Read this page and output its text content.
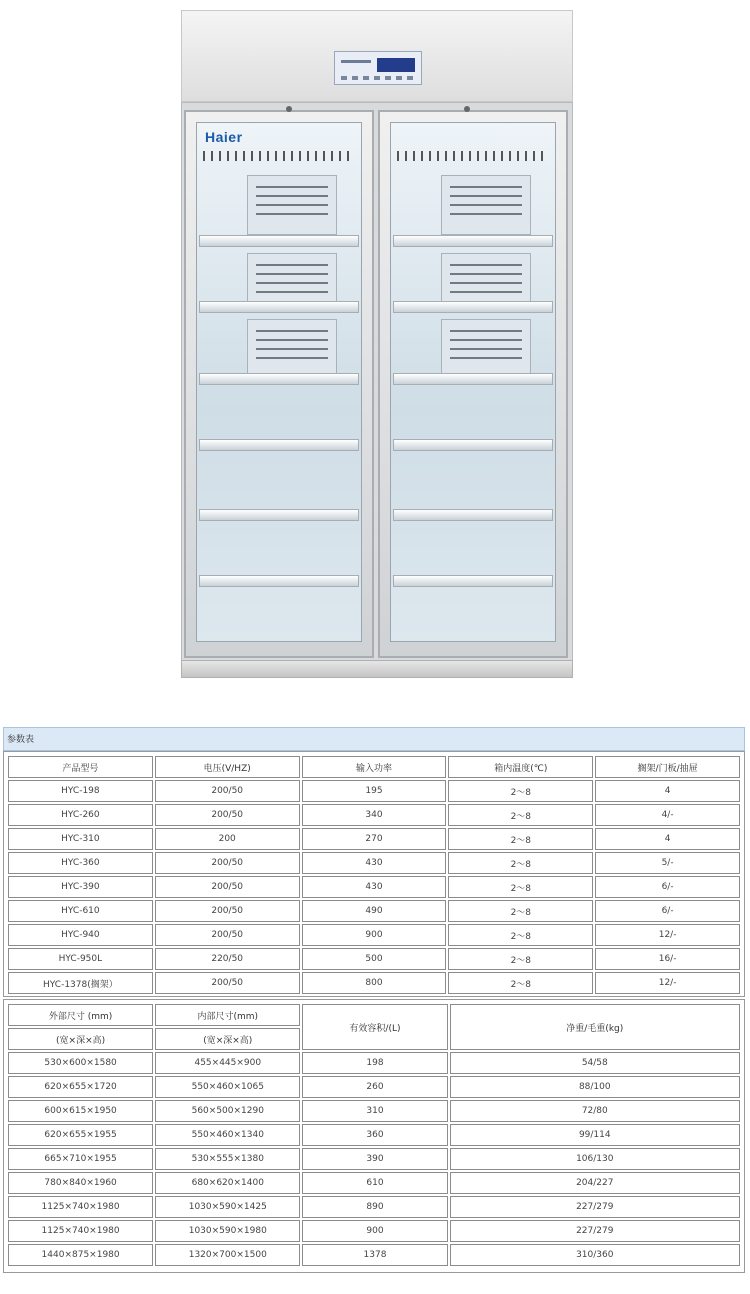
Haier
参数表
产品型号	电压(V/HZ)	输入功率	箱内温度(℃)	搁架/门板/抽屉
HYC-198	200/50	195	2～8	4
HYC-260	200/50	340	2～8	4/-
HYC-310	200	270	2～8	4
HYC-360	200/50	430	2～8	5/-
HYC-390	200/50	430	2～8	6/-
HYC-610	200/50	490	2～8	6/-
HYC-940	200/50	900	2～8	12/-
HYC-950L	220/50	500	2～8	16/-
HYC-1378(搁架）	200/50	800	2～8	12/-
外部尺寸 (mm)	内部尺寸(mm)	有效容积/(L)	净重/毛重(kg)
(宽×深×高)	(宽×深×高)		
530×600×1580	455×445×900	198	54/58
620×655×1720	550×460×1065	260	88/100
600×615×1950	560×500×1290	310	72/80
620×655×1955	550×460×1340	360	99/114
665×710×1955	530×555×1380	390	106/130
780×840×1960	680×620×1400	610	204/227
1125×740×1980	1030×590×1425	890	227/279
1125×740×1980	1030×590×1980	900	227/279
1440×875×1980	1320×700×1500	1378	310/360
